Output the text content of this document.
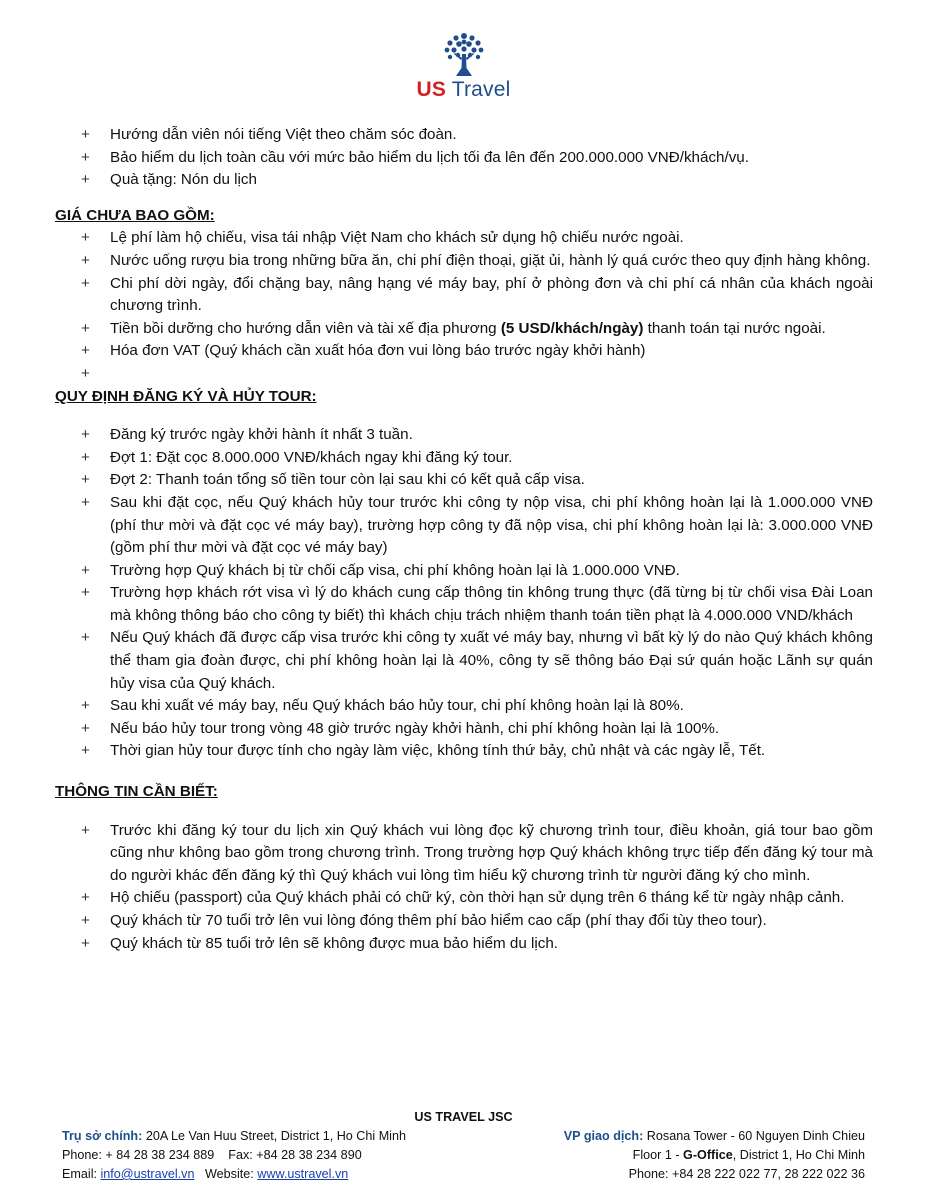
US Travel
+ Hướng dẫn viên nói tiếng Việt theo chăm sóc đoàn.
+ Bảo hiểm du lịch toàn cầu với mức bảo hiểm du lịch tối đa lên đến 200.000.000 VNĐ/khách/vụ.
+ Quà tặng: Nón du lịch

GIÁ CHƯA BAO GỒM:

+ Lệ phí làm hộ chiếu, visa tái nhập Việt Nam cho khách sử dụng hộ chiếu nước ngoài.
+ Nước uống rượu bia trong những bữa ăn, chi phí điện thoại, giặt ủi, hành lý quá cước theo quy định hàng không.
+ Chi phí dời ngày, đổi chặng bay, nâng hạng vé máy bay, phí ở phòng đơn và chi phí cá nhân của khách ngoài chương trình.
+ Tiền bồi dưỡng cho hướng dẫn viên và tài xế địa phương (5 USD/khách/ngày) thanh toán tại nước ngoài.
+ Hóa đơn VAT (Quý khách cần xuất hóa đơn vui lòng báo trước ngày khởi hành)
+

QUY ĐỊNH ĐĂNG KÝ VÀ HỦY TOUR:

+ Đăng ký trước ngày khởi hành ít nhất 3 tuần.
+ Đợt 1: Đặt cọc 8.000.000 VNĐ/khách ngay khi đăng ký tour.
+ Đợt 2: Thanh toán tổng số tiền tour còn lại sau khi có kết quả cấp visa.
+ Sau khi đặt cọc, nếu Quý khách hủy tour trước khi công ty nộp visa, chi phí không hoàn lại là 1.000.000 VNĐ (phí thư mời và đặt cọc vé máy bay), trường hợp công ty đã nộp visa, chi phí không hoàn lại là: 3.000.000 VNĐ (gồm phí thư mời và đặt cọc vé máy bay)
+ Trường hợp Quý khách bị từ chối cấp visa, chi phí không hoàn lại là 1.000.000 VNĐ.
+ Trường hợp khách rớt visa vì lý do khách cung cấp thông tin không trung thực (đã từng bị từ chối visa Đài Loan mà không thông báo cho công ty biết) thì khách chịu trách nhiệm thanh toán tiền phạt là 4.000.000 VND/khách
+ Nếu Quý khách đã được cấp visa trước khi công ty xuất vé máy bay, nhưng vì bất kỳ lý do nào Quý khách không thể tham gia đoàn được, chi phí không hoàn lại là 40%, công ty sẽ thông báo Đại sứ quán hoặc Lãnh sự quán hủy visa của Quý khách.
+ Sau khi xuất vé máy bay, nếu Quý khách báo hủy tour, chi phí không hoàn lại là 80%.
+ Nếu báo hủy tour trong vòng 48 giờ trước ngày khởi hành, chi phí không hoàn lại là 100%.
+ Thời gian hủy tour được tính cho ngày làm việc, không tính thứ bảy, chủ nhật và các ngày lễ, Tết.

THÔNG TIN CẦN BIẾT:

+ Trước khi đăng ký tour du lịch xin Quý khách vui lòng đọc kỹ chương trình tour, điều khoản, giá tour bao gồm cũng như không bao gồm trong chương trình. Trong trường hợp Quý khách không trực tiếp đến đăng ký tour mà do người khác đến đăng ký thì Quý khách vui lòng tìm hiểu kỹ chương trình từ người đăng ký cho mình.
+ Hộ chiếu (passport) của Quý khách phải có chữ ký, còn thời hạn sử dụng trên 6 tháng kể từ ngày nhập cảnh.
+ Quý khách từ 70 tuổi trở lên vui lòng đóng thêm phí bảo hiểm cao cấp (phí thay đổi tùy theo tour).
+ Quý khách từ 85 tuổi trở lên sẽ không được mua bảo hiểm du lịch.
US TRAVEL JSC
Trụ sở chính: 20A Le Van Huu Street, District 1, Ho Chi Minh
Phone: + 84 28 38 234 889    Fax: +84 28 38 234 890
Email: info@ustravel.vn   Website: www.ustravel.vn
VP giao dịch: Rosana Tower - 60 Nguyen Dinh Chieu
Floor 1 - G-Office, District 1, Ho Chi Minh
Phone: +84 28 222 022 77, 28 222 022 36
